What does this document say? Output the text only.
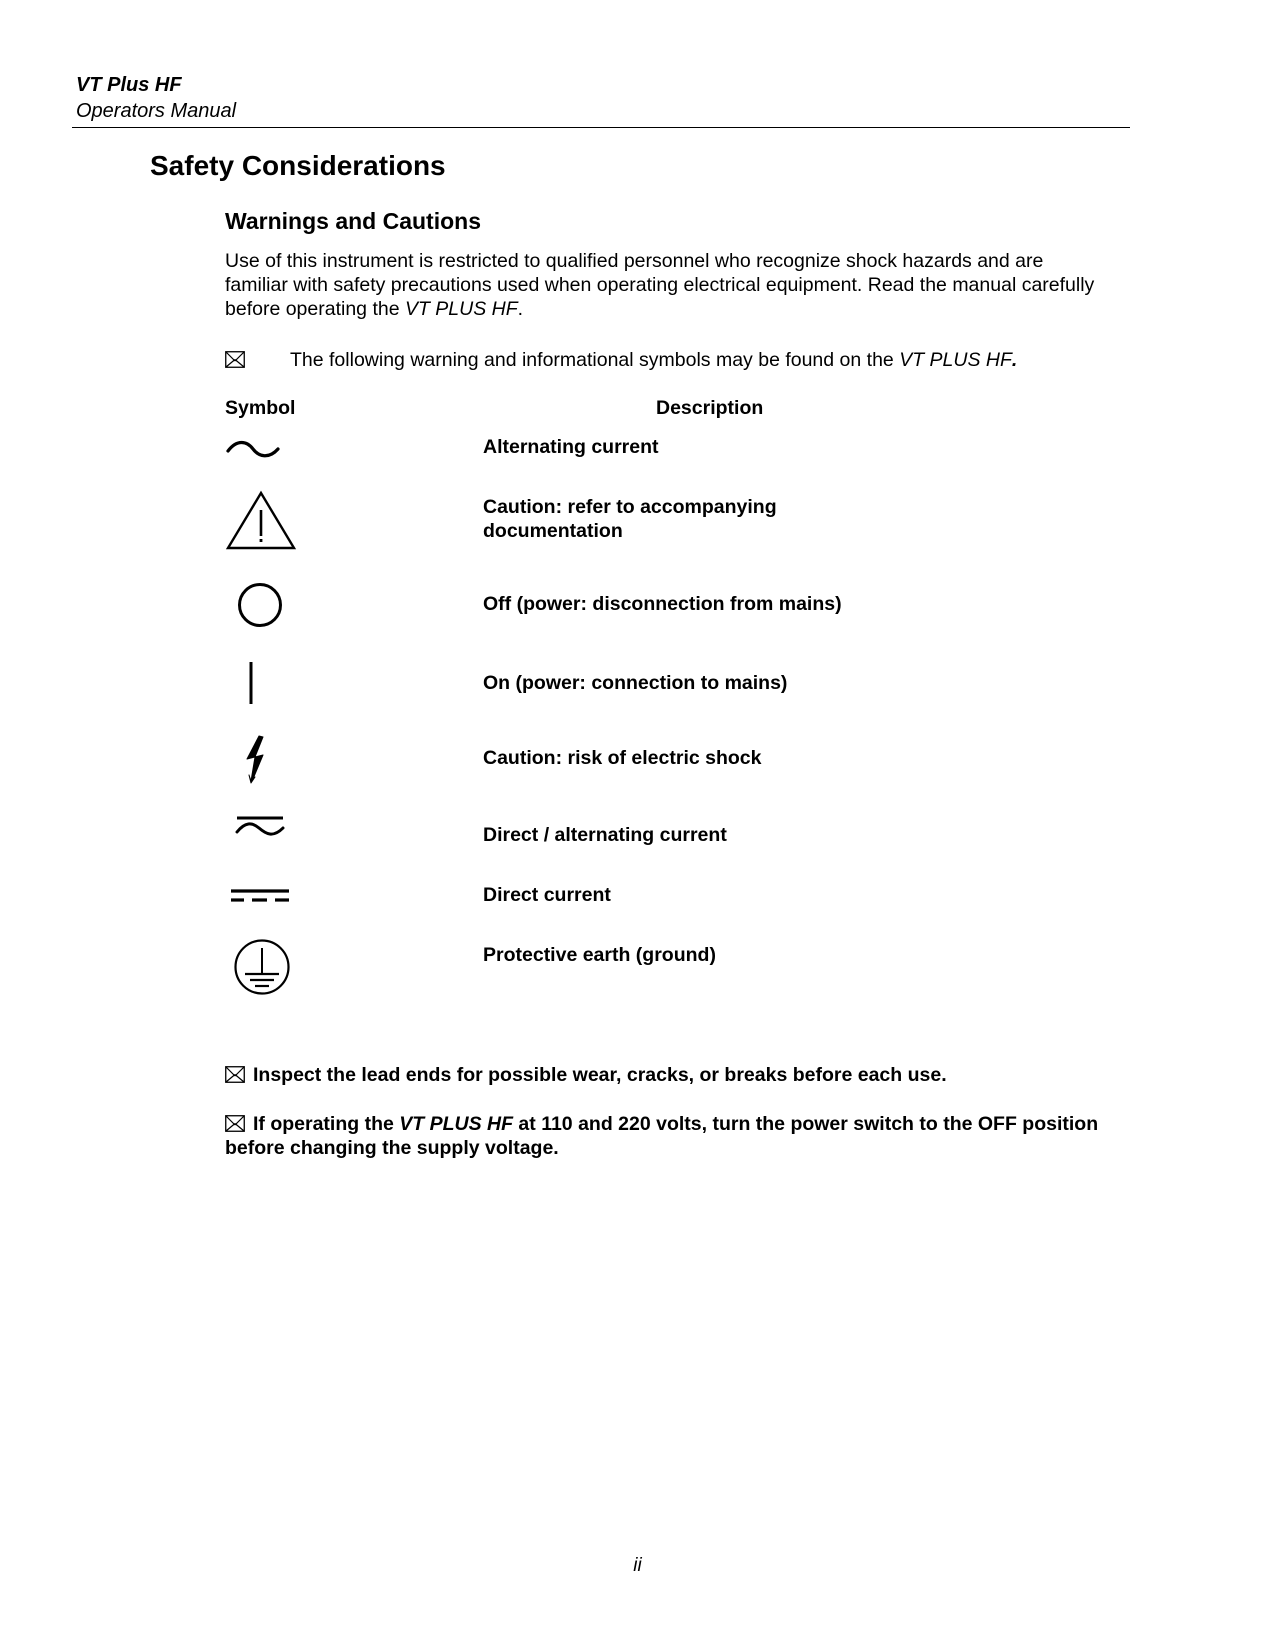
VT Plus HF
Operators Manual
Safety Considerations
Warnings and Cautions
Use of this instrument is restricted to qualified personnel who recognize shock hazards and are familiar with safety precautions used when operating electrical equipment. Read the manual carefully before operating the VT PLUS HF.
The following warning and informational symbols may be found on the VT PLUS HF.
Symbol	Description
Alternating current
Caution: refer to accompanying documentation
Off (power: disconnection from mains)
On (power: connection to mains)
Caution: risk of electric shock
Direct / alternating current
Direct current
Protective earth (ground)
Inspect the lead ends for possible wear, cracks, or breaks before each use.
If operating the VT PLUS HF at 110 and 220 volts, turn the power switch to the OFF position before changing the supply voltage.
ii
